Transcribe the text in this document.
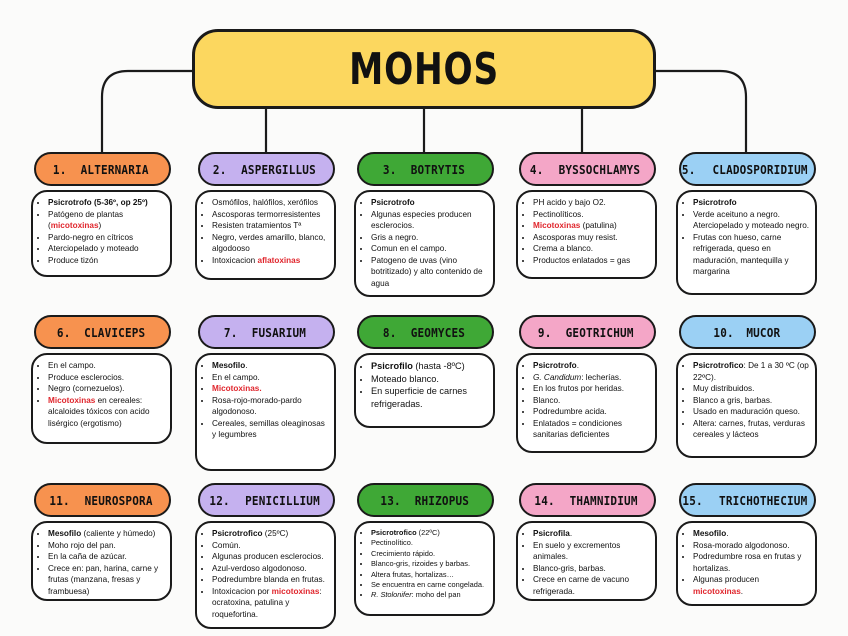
MOHOS
1. ALTERNARIA
• Psicrotrofo (5-36º, op 25º)
• Patógeno de plantas (micotoxinas)
• Pardo-negro en cítricos
• Aterciopelado y moteado
• Produce tizón
2. ASPERGILLUS
• Osmófilos, halófilos, xerófilos
• Ascosporas termorresistentes
• Resisten tratamientos Tª
• Negro, verdes amarillo, blanco, algodooso
• Intoxicacion aflatoxinas
3. BOTRYTIS
• Psicrotrofo
• Algunas especies producen esclerocios.
• Gris a negro.
• Comun en el campo.
• Patogeno de uvas (vino botritizado) y alto contenido de agua
4. BYSSOCHLAMYS
• PH acido y bajo O2.
• Pectinolíticos.
• Micotoxinas (patulina)
• Ascosporas muy resist.
• Crema a blanco.
• Productos enlatados = gas
5. CLADOSPORIDIUM
• Psicrotrofo
• Verde aceituno a negro. Aterciopelado y moteado negro.
• Frutas con hueso, carne refrigerada, queso en maduración, mantequilla y margarina
6. CLAVICEPS
• En el campo.
• Produce esclerocios.
• Negro (cornezuelos).
• Micotoxinas en cereales: alcaloides tóxicos con acido lisérgico (ergotismo)
7. FUSARIUM
• Mesofilo.
• En el campo.
• Micotoxinas.
• Rosa-rojo-morado-pardo algodonoso.
• Cereales, semillas oleaginosas y legumbres
8. GEOMYCES
• Psicrofilo (hasta -8ºC)
• Moteado blanco.
• En superficie de carnes refrigeradas.
9. GEOTRICHUM
• Psicrotrofo.
• G. Candidum: lecherías.
• En los frutos por heridas.
• Blanco.
• Podredumbre acida.
• Enlatados = condiciones sanitarias deficientes
10. MUCOR
• Psicrotrofico: De 1 a 30 ºC (op 22ºC).
• Muy distribuidos.
• Blanco a gris, barbas.
• Usado en maduración queso.
• Altera: carnes, frutas, verduras cereales y lácteos
11. NEUROSPORA
• Mesofilo (caliente y húmedo)
• Moho rojo del pan.
• En la caña de azúcar.
• Crece en: pan, harina, carne y frutas (manzana, fresas y frambuesa)
12. PENICILLIUM
• Psicrotrofico (25ºC)
• Común.
• Algunas producen esclerocios.
• Azul-verdoso algodonoso.
• Podredumbre blanda en frutas.
• Intoxicacion por micotoxinas: ocratoxina, patulina y roquefortina.
13. RHIZOPUS
• Psicrotrofico (22ºC)
• Pectinolítico.
• Crecimiento rápido.
• Blanco-gris, rizoides y barbas.
• Altera frutas, hortalizas…
• Se encuentra en carne congelada.
• R. Stolonifer: moho del pan
14. THAMNIDIUM
• Psicrofila.
• En suelo y excrementos animales.
• Blanco-gris, barbas.
• Crece en carne de vacuno refrigerada.
15. TRICHOTHECIUM
• Mesofilo.
• Rosa-morado algodonoso.
• Podredumbre rosa en frutas y hortalizas.
• Algunas producen micotoxinas.
